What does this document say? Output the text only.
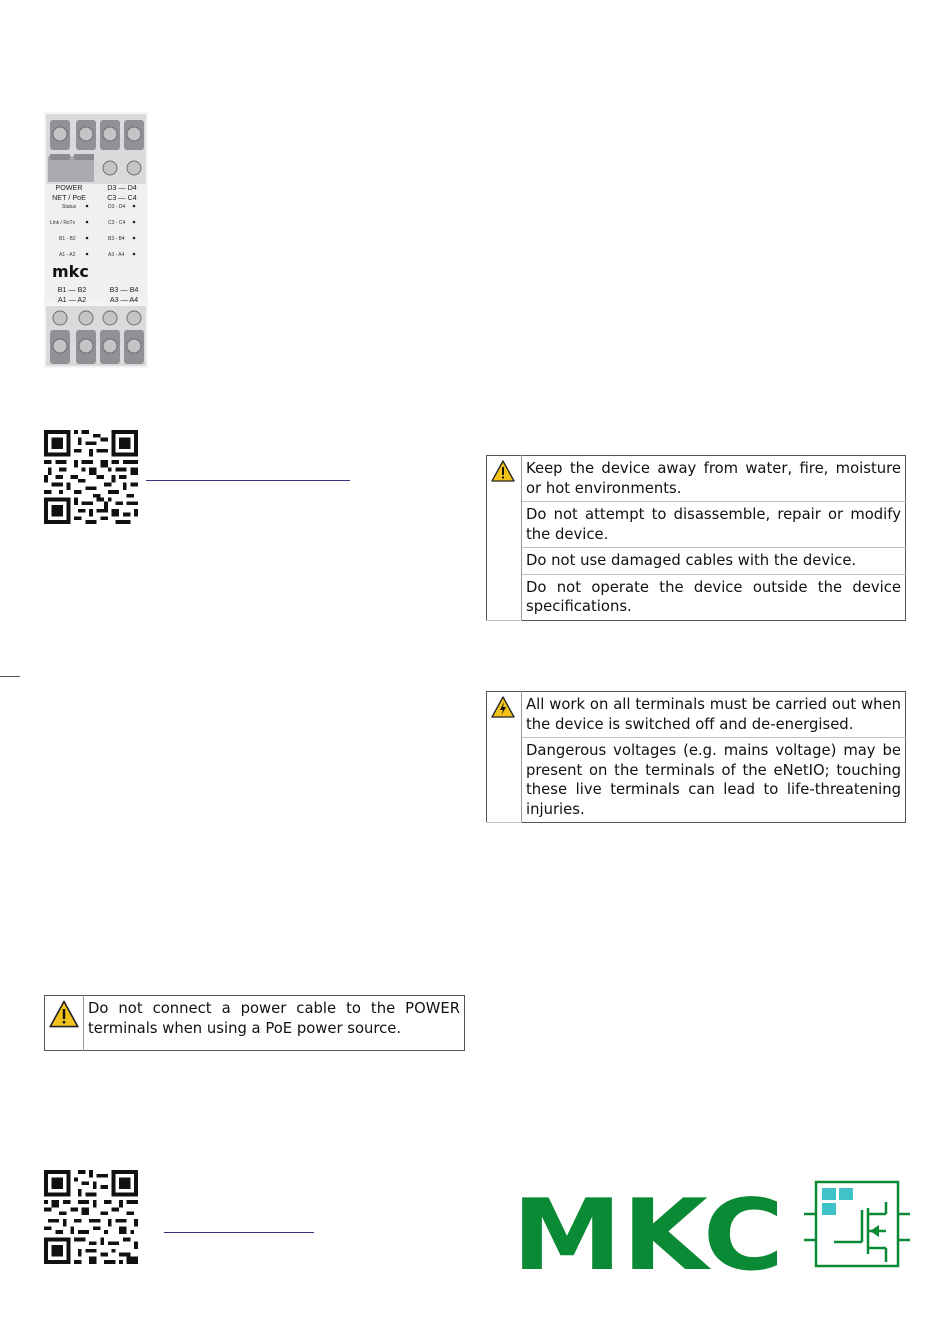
POWER
NET / PoE
D3 — D4
C3 — C4
Status
Link / RxTx
B1 - B2
A1 - A2
D3 - D4
C3 - C4
B3 - B4
A3 - A4
mkc
B1 — B2
A1 — A2
B3 — B4
A3 — A4
	Keep the device away from water, fire, moisture or hot environments.
Do not attempt to disassemble, repair or modify the device.
Do not use damaged cables with the device.
Do not operate the device outside the device specifications.
	All work on all terminals must be carried out when the device is switched off and de-energised.
Dangerous voltages (e.g. mains voltage) may be present on the terminals of the eNetIO; touching these live terminals can lead to life-threatening injuries.
	Do not connect a power cable to the POWER terminals when using a PoE power source.
MKC
